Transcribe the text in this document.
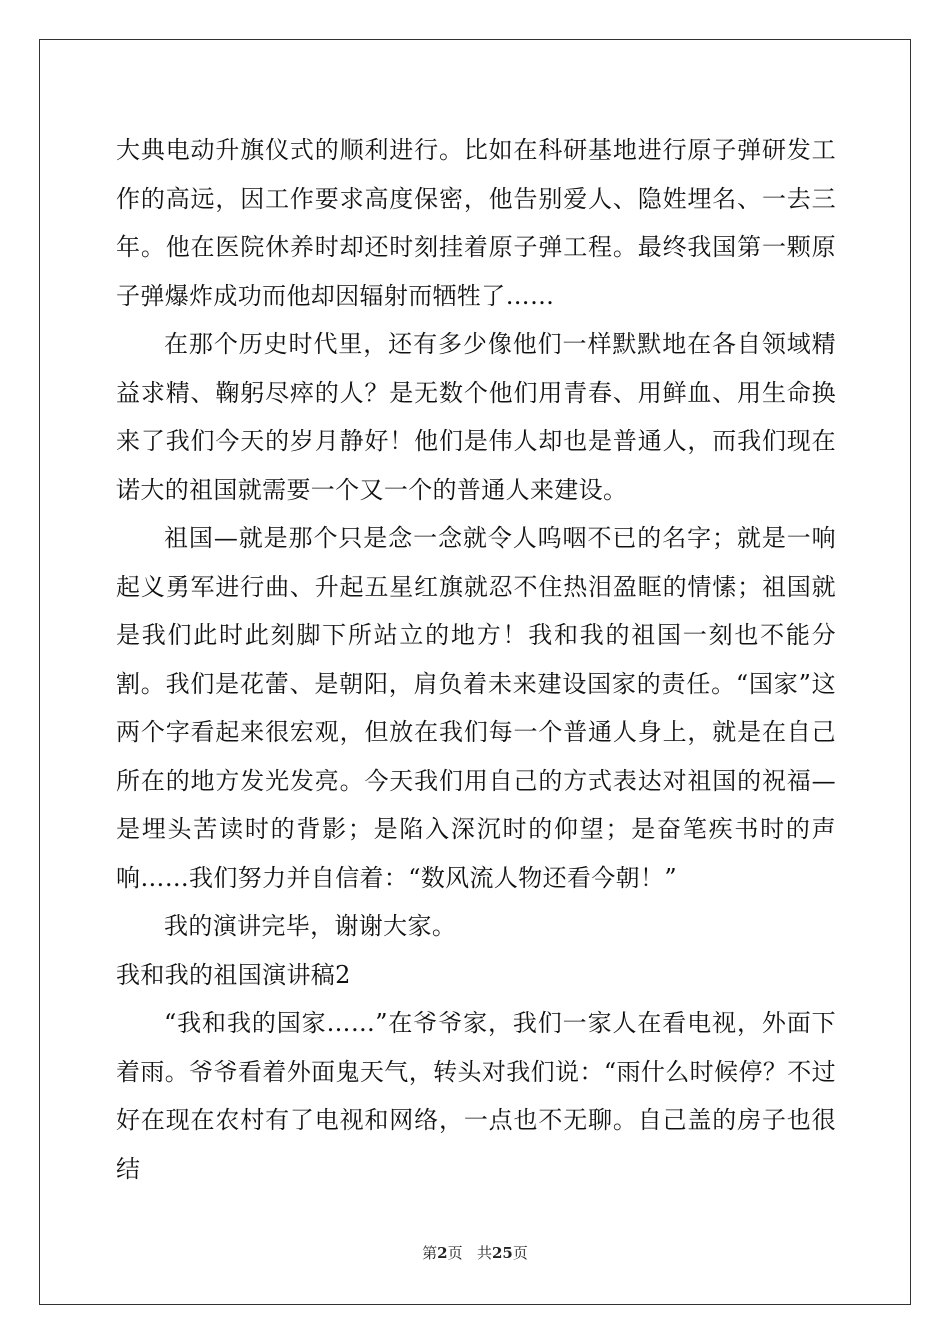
大典电动升旗仪式的顺利进行。比如在科研基地进行原子弹研发工作的高远，因工作要求高度保密，他告别爱人、隐姓埋名、一去三年。他在医院休养时却还时刻挂着原子弹工程。最终我国第一颗原子弹爆炸成功而他却因辐射而牺牲了……

在那个历史时代里，还有多少像他们一样默默地在各自领域精益求精、鞠躬尽瘁的人？是无数个他们用青春、用鲜血、用生命换来了我们今天的岁月静好！他们是伟人却也是普通人，而我们现在诺大的祖国就需要一个又一个的普通人来建设。

祖国—就是那个只是念一念就令人呜咽不已的名字；就是一响起义勇军进行曲、升起五星红旗就忍不住热泪盈眶的情愫；祖国就是我们此时此刻脚下所站立的地方！我和我的祖国一刻也不能分割。我们是花蕾、是朝阳，肩负着未来建设国家的责任。“国家”这两个字看起来很宏观，但放在我们每一个普通人身上，就是在自己所在的地方发光发亮。今天我们用自己的方式表达对祖国的祝福—是埋头苦读时的背影；是陷入深沉时的仰望；是奋笔疾书时的声响……我们努力并自信着：“数风流人物还看今朝！”

我的演讲完毕，谢谢大家。

我和我的祖国演讲稿2

“我和我的国家……”在爷爷家，我们一家人在看电视，外面下着雨。爷爷看着外面鬼天气，转头对我们说：“雨什么时候停？不过好在现在农村有了电视和网络，一点也不无聊。自己盖的房子也很结

第2页 共25页
